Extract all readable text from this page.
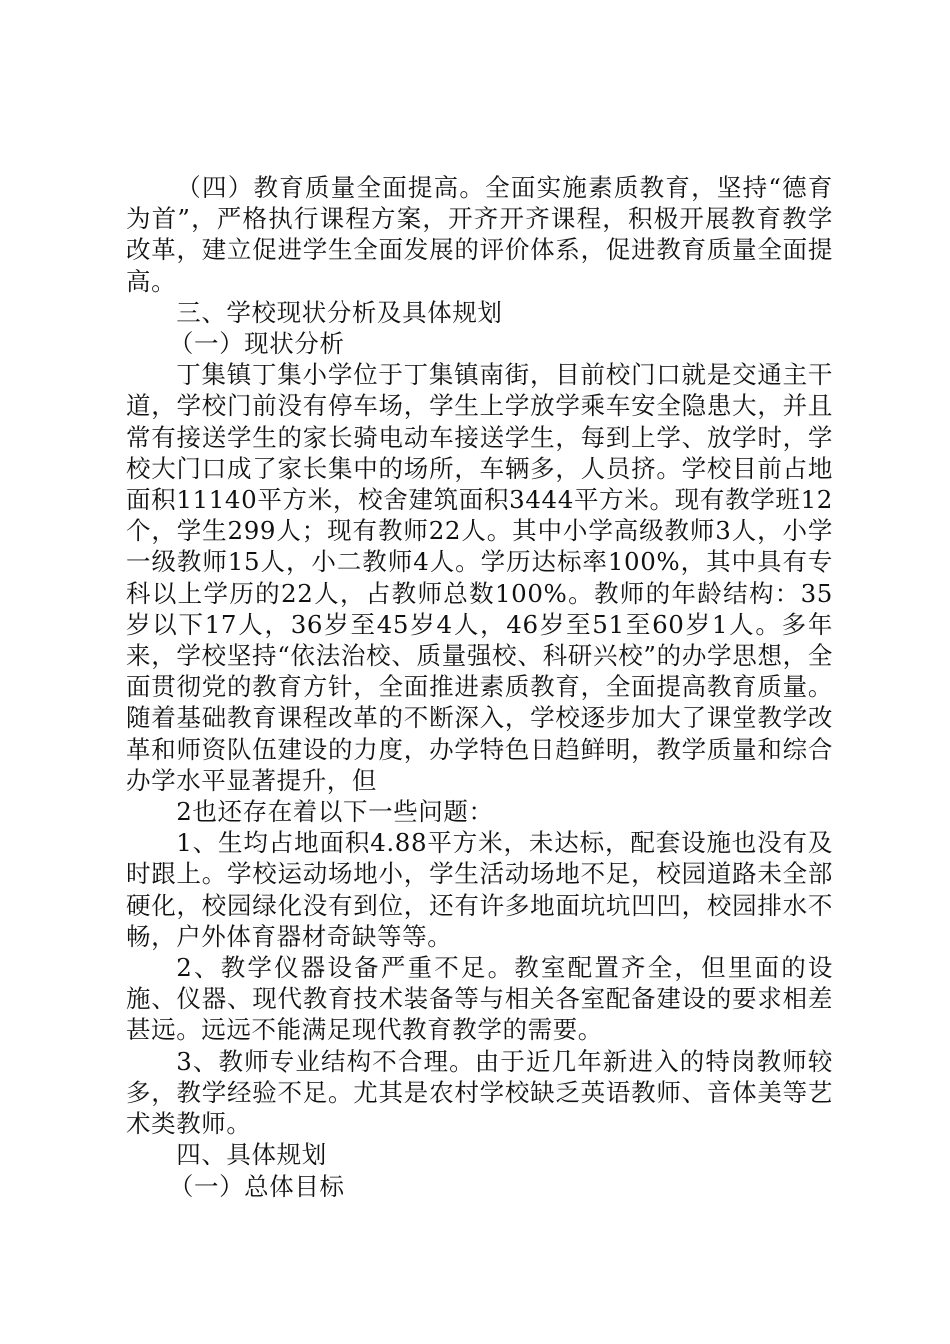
（四）教育质量全面提高。全面实施素质教育，坚持“德育为首”，严格执行课程方案，开齐开齐课程，积极开展教育教学改革，建立促进学生全面发展的评价体系，促进教育质量全面提高。

三、学校现状分析及具体规划

（一）现状分析

丁集镇丁集小学位于丁集镇南街，目前校门口就是交通主干道，学校门前没有停车场，学生上学放学乘车安全隐患大，并且常有接送学生的家长骑电动车接送学生，每到上学、放学时，学校大门口成了家长集中的场所，车辆多，人员挤。学校目前占地面积11140平方米，校舍建筑面积3444平方米。现有教学班12个，学生299人；现有教师22人。其中小学高级教师3人，小学一级教师15人，小二教师4人。学历达标率100%，其中具有专科以上学历的22人，占教师总数100%。教师的年龄结构：35岁以下17人，36岁至45岁4人，46岁至51至60岁1人。多年来，学校坚持“依法治校、质量强校、科研兴校”的办学思想，全面贯彻党的教育方针，全面推进素质教育，全面提高教育质量。随着基础教育课程改革的不断深入，学校逐步加大了课堂教学改革和师资队伍建设的力度，办学特色日趋鲜明，教学质量和综合办学水平显著提升，但

2也还存在着以下一些问题：

1、生均占地面积4.88平方米，未达标，配套设施也没有及时跟上。学校运动场地小，学生活动场地不足，校园道路未全部硬化，校园绿化没有到位，还有许多地面坑坑凹凹，校园排水不畅，户外体育器材奇缺等等。

2、教学仪器设备严重不足。教室配置齐全，但里面的设施、仪器、现代教育技术装备等与相关各室配备建设的要求相差甚远。远远不能满足现代教育教学的需要。

3、教师专业结构不合理。由于近几年新进入的特岗教师较多，教学经验不足。尤其是农村学校缺乏英语教师、音体美等艺术类教师。

四、具体规划

（一）总体目标
